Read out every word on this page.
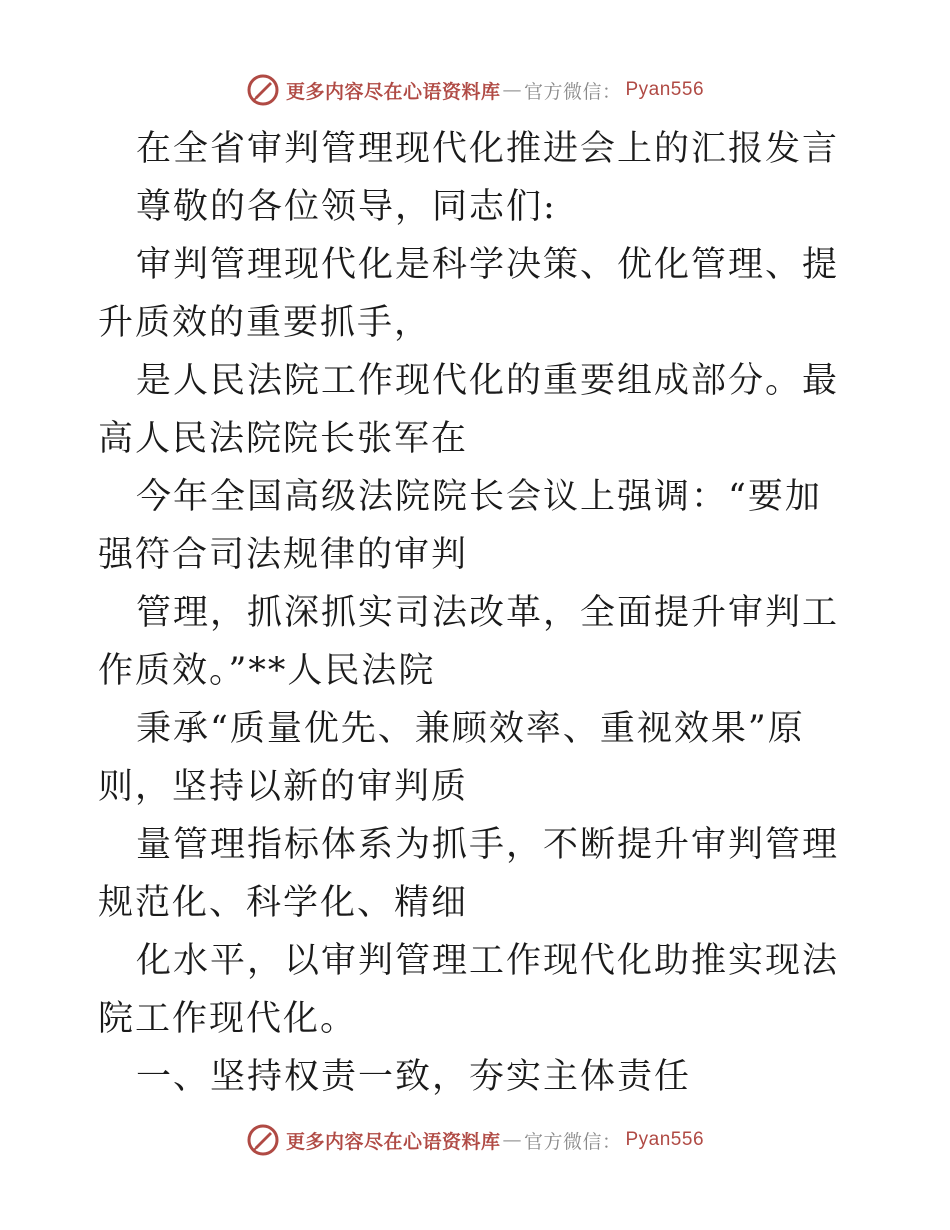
更多内容尽在心语资料库 — 官方微信： Pyan556

在全省审判管理现代化推进会上的汇报发言

尊敬的各位领导，同志们:

审判管理现代化是科学决策、优化管理、提升质效的重要抓手，

是人民法院工作现代化的重要组成部分。最高人民法院院长张军在

今年全国高级法院院长会议上强调：“要加强符合司法规律的审判

管理，抓深抓实司法改革，全面提升审判工作质效。”**人民法院

秉承“质量优先、兼顾效率、重视效果”原则，坚持以新的审判质

量管理指标体系为抓手，不断提升审判管理规范化、科学化、精细

化水平，以审判管理工作现代化助推实现法院工作现代化。

一、坚持权责一致，夯实主体责任

更多内容尽在心语资料库 — 官方微信： Pyan556
